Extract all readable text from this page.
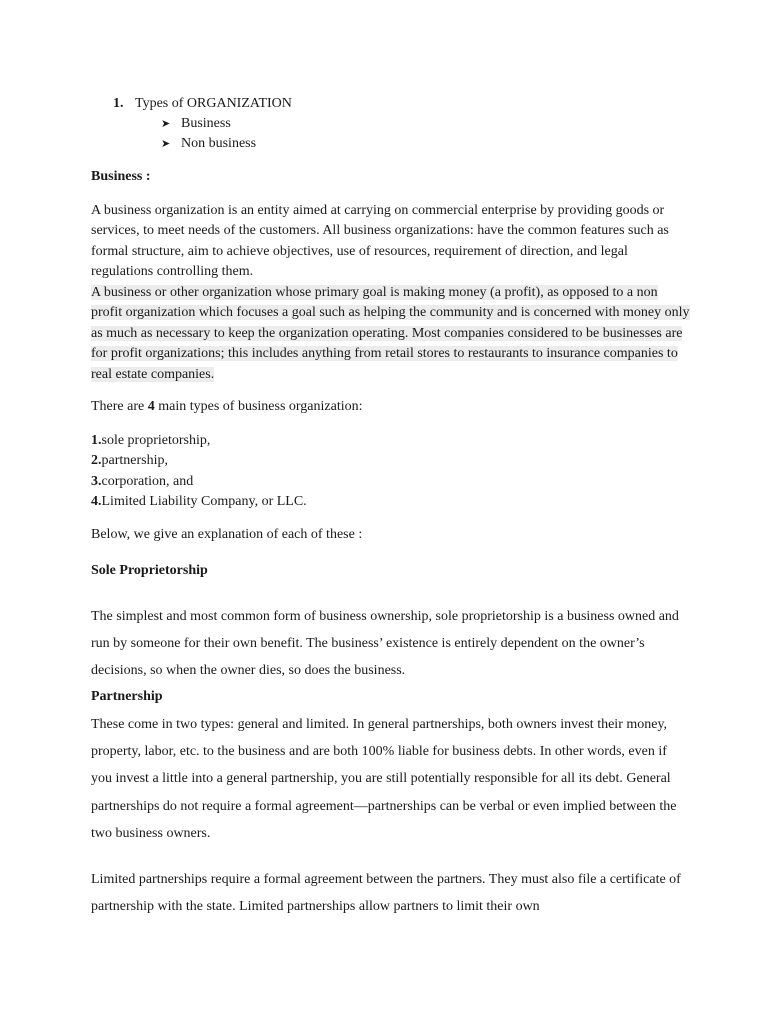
1. Types of ORGANIZATION
➤ Business
➤ Non business
Business :
A business organization is an entity aimed at carrying on commercial enterprise by providing goods or services, to meet needs of the customers. All business organizations: have the common features such as formal structure, aim to achieve objectives, use of resources, requirement of direction, and legal regulations controlling them.
A business or other organization whose primary goal is making money (a profit), as opposed to a non profit organization which focuses a goal such as helping the community and is concerned with money only as much as necessary to keep the organization operating. Most companies considered to be businesses are for profit organizations; this includes anything from retail stores to restaurants to insurance companies to real estate companies.
There are 4 main types of business organization:
1.sole proprietorship,
2.partnership,
3.corporation, and
4.Limited Liability Company, or LLC.
Below, we give an explanation of each of these :
Sole Proprietorship
The simplest and most common form of business ownership, sole proprietorship is a business owned and run by someone for their own benefit. The business’ existence is entirely dependent on the owner’s decisions, so when the owner dies, so does the business.
Partnership
These come in two types: general and limited. In general partnerships, both owners invest their money, property, labor, etc. to the business and are both 100% liable for business debts. In other words, even if you invest a little into a general partnership, you are still potentially responsible for all its debt. General partnerships do not require a formal agreement—partnerships can be verbal or even implied between the two business owners.
Limited partnerships require a formal agreement between the partners. They must also file a certificate of partnership with the state. Limited partnerships allow partners to limit their own
